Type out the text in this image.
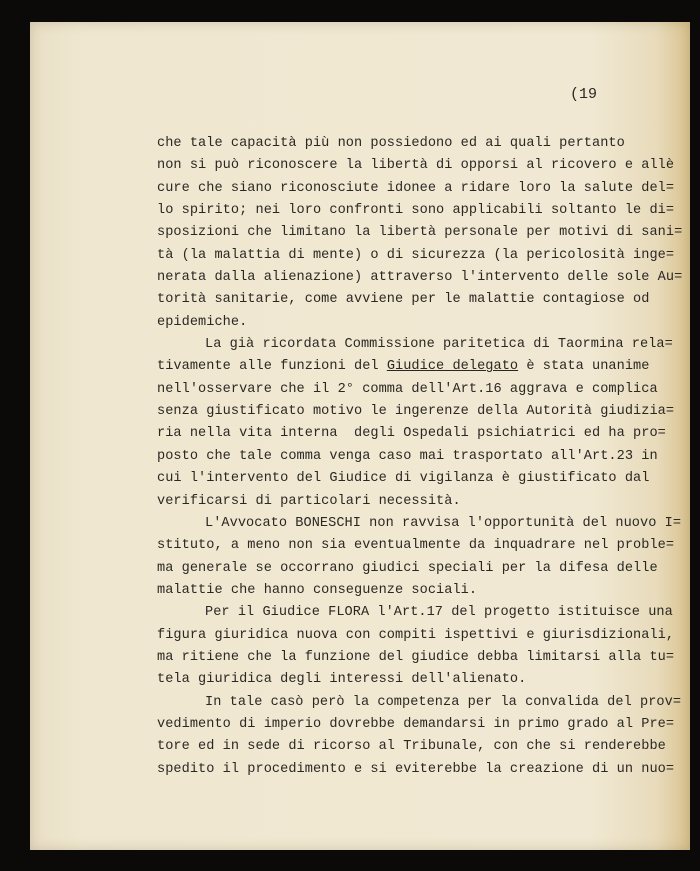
(19
che tale capacità più non possiedono ed ai quali pertanto
non si può riconoscere la libertà di opporsi al ricovero e allè
cure che siano riconosciute idonee a ridare loro la salute del=
lo spirito; nei loro confronti sono applicabili soltanto le di=
sposizioni che limitano la libertà personale per motivi di sani=
tà (la malattia di mente) o di sicurezza (la pericolosità inge=
nerata dalla alienazione) attraverso l'intervento delle sole Au=
torità sanitarie, come avviene per le malattie contagiose od
epidemiche.
La già ricordata Commissione paritetica di Taormina rela=
tivamente alle funzioni del Giudice delegato è stata unanime
nell'osservare che il 2° comma dell'Art.16 aggrava e complica
senza giustificato motivo le ingerenze della Autorità giudizia=
ria nella vita interna  degli Ospedali psichiatrici ed ha pro=
posto che tale comma venga caso mai trasportato all'Art.23 in
cui l'intervento del Giudice di vigilanza è giustificato dal
verificarsi di particolari necessità.
L'Avvocato BONESCHI non ravvisa l'opportunità del nuovo I=
stituto, a meno non sia eventualmente da inquadrare nel proble=
ma generale se occorrano giudici speciali per la difesa delle
malattie che hanno conseguenze sociali.
Per il Giudice FLORA l'Art.17 del progetto istituisce una
figura giuridica nuova con compiti ispettivi e giurisdizionali,
ma ritiene che la funzione del giudice debba limitarsi alla tu=
tela giuridica degli interessi dell'alienato.
In tale casò però la competenza per la convalida del prov=
vedimento di imperio dovrebbe demandarsi in primo grado al Pre=
tore ed in sede di ricorso al Tribunale, con che si renderebbe
spedito il procedimento e si eviterebbe la creazione di un nuo=
